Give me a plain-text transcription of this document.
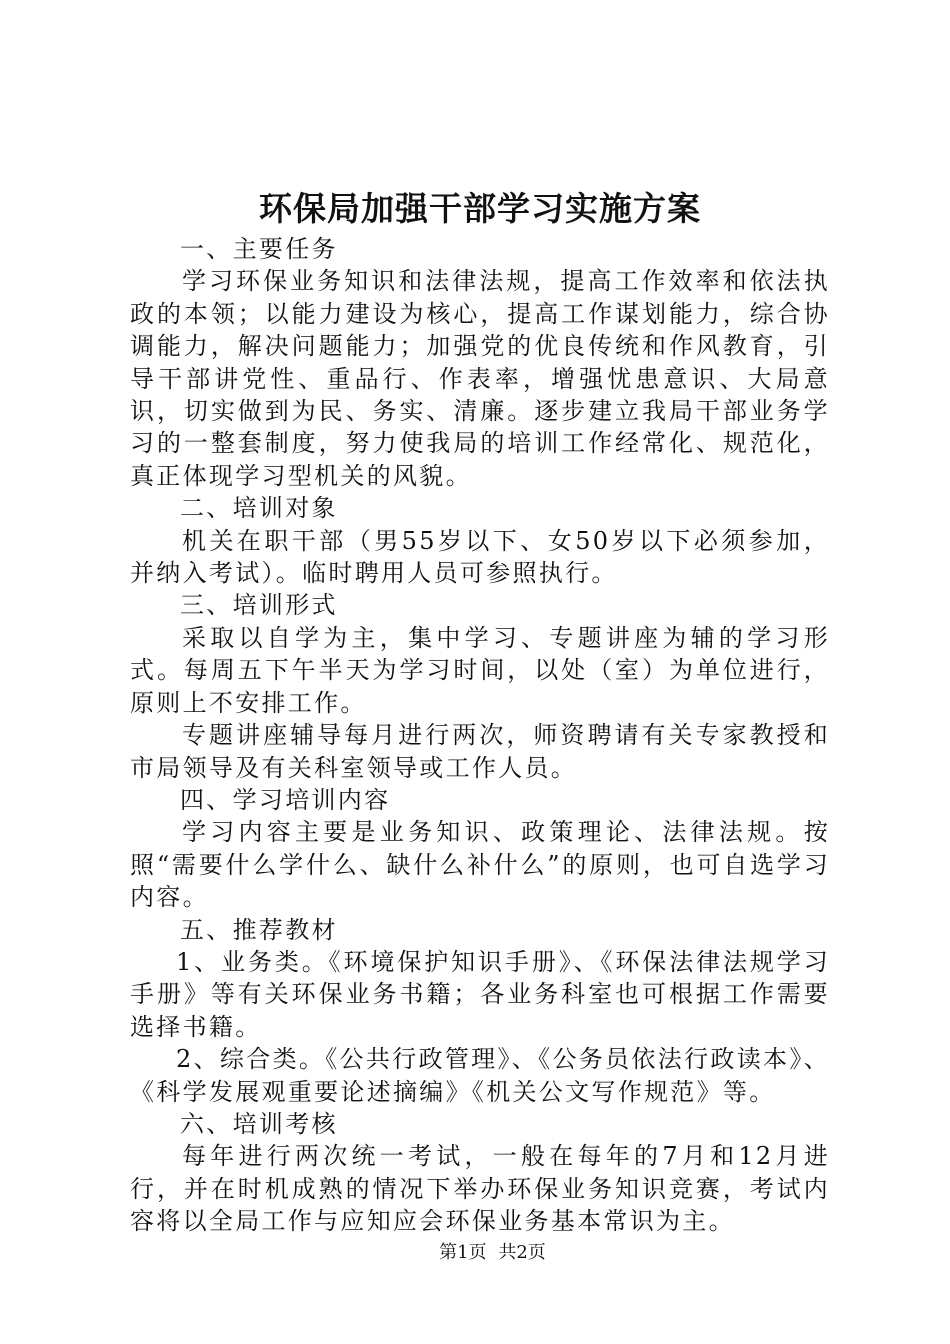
环保局加强干部学习实施方案

一、主要任务

学习环保业务知识和法律法规，提高工作效率和依法执政的本领；以能力建设为核心，提高工作谋划能力，综合协调能力，解决问题能力；加强党的优良传统和作风教育，引导干部讲党性、重品行、作表率，增强忧患意识、大局意识，切实做到为民、务实、清廉。逐步建立我局干部业务学习的一整套制度，努力使我局的培训工作经常化、规范化，真正体现学习型机关的风貌。

二、培训对象

机关在职干部（男55岁以下、女50岁以下必须参加，并纳入考试）。临时聘用人员可参照执行。

三、培训形式

采取以自学为主，集中学习、专题讲座为辅的学习形式。每周五下午半天为学习时间，以处（室）为单位进行，原则上不安排工作。

专题讲座辅导每月进行两次，师资聘请有关专家教授和市局领导及有关科室领导或工作人员。

四、学习培训内容

学习内容主要是业务知识、政策理论、法律法规。按照“需要什么学什么、缺什么补什么”的原则，也可自选学习内容。

五、推荐教材

1、业务类。《环境保护知识手册》、《环保法律法规学习手册》等有关环保业务书籍；各业务科室也可根据工作需要选择书籍。

2、综合类。《公共行政管理》、《公务员依法行政读本》、《科学发展观重要论述摘编》《机关公文写作规范》等。

六、培训考核

每年进行两次统一考试，一般在每年的7月和12月进行，并在时机成熟的情况下举办环保业务知识竞赛，考试内容将以全局工作与应知应会环保业务基本常识为主。

第1页 共2页
